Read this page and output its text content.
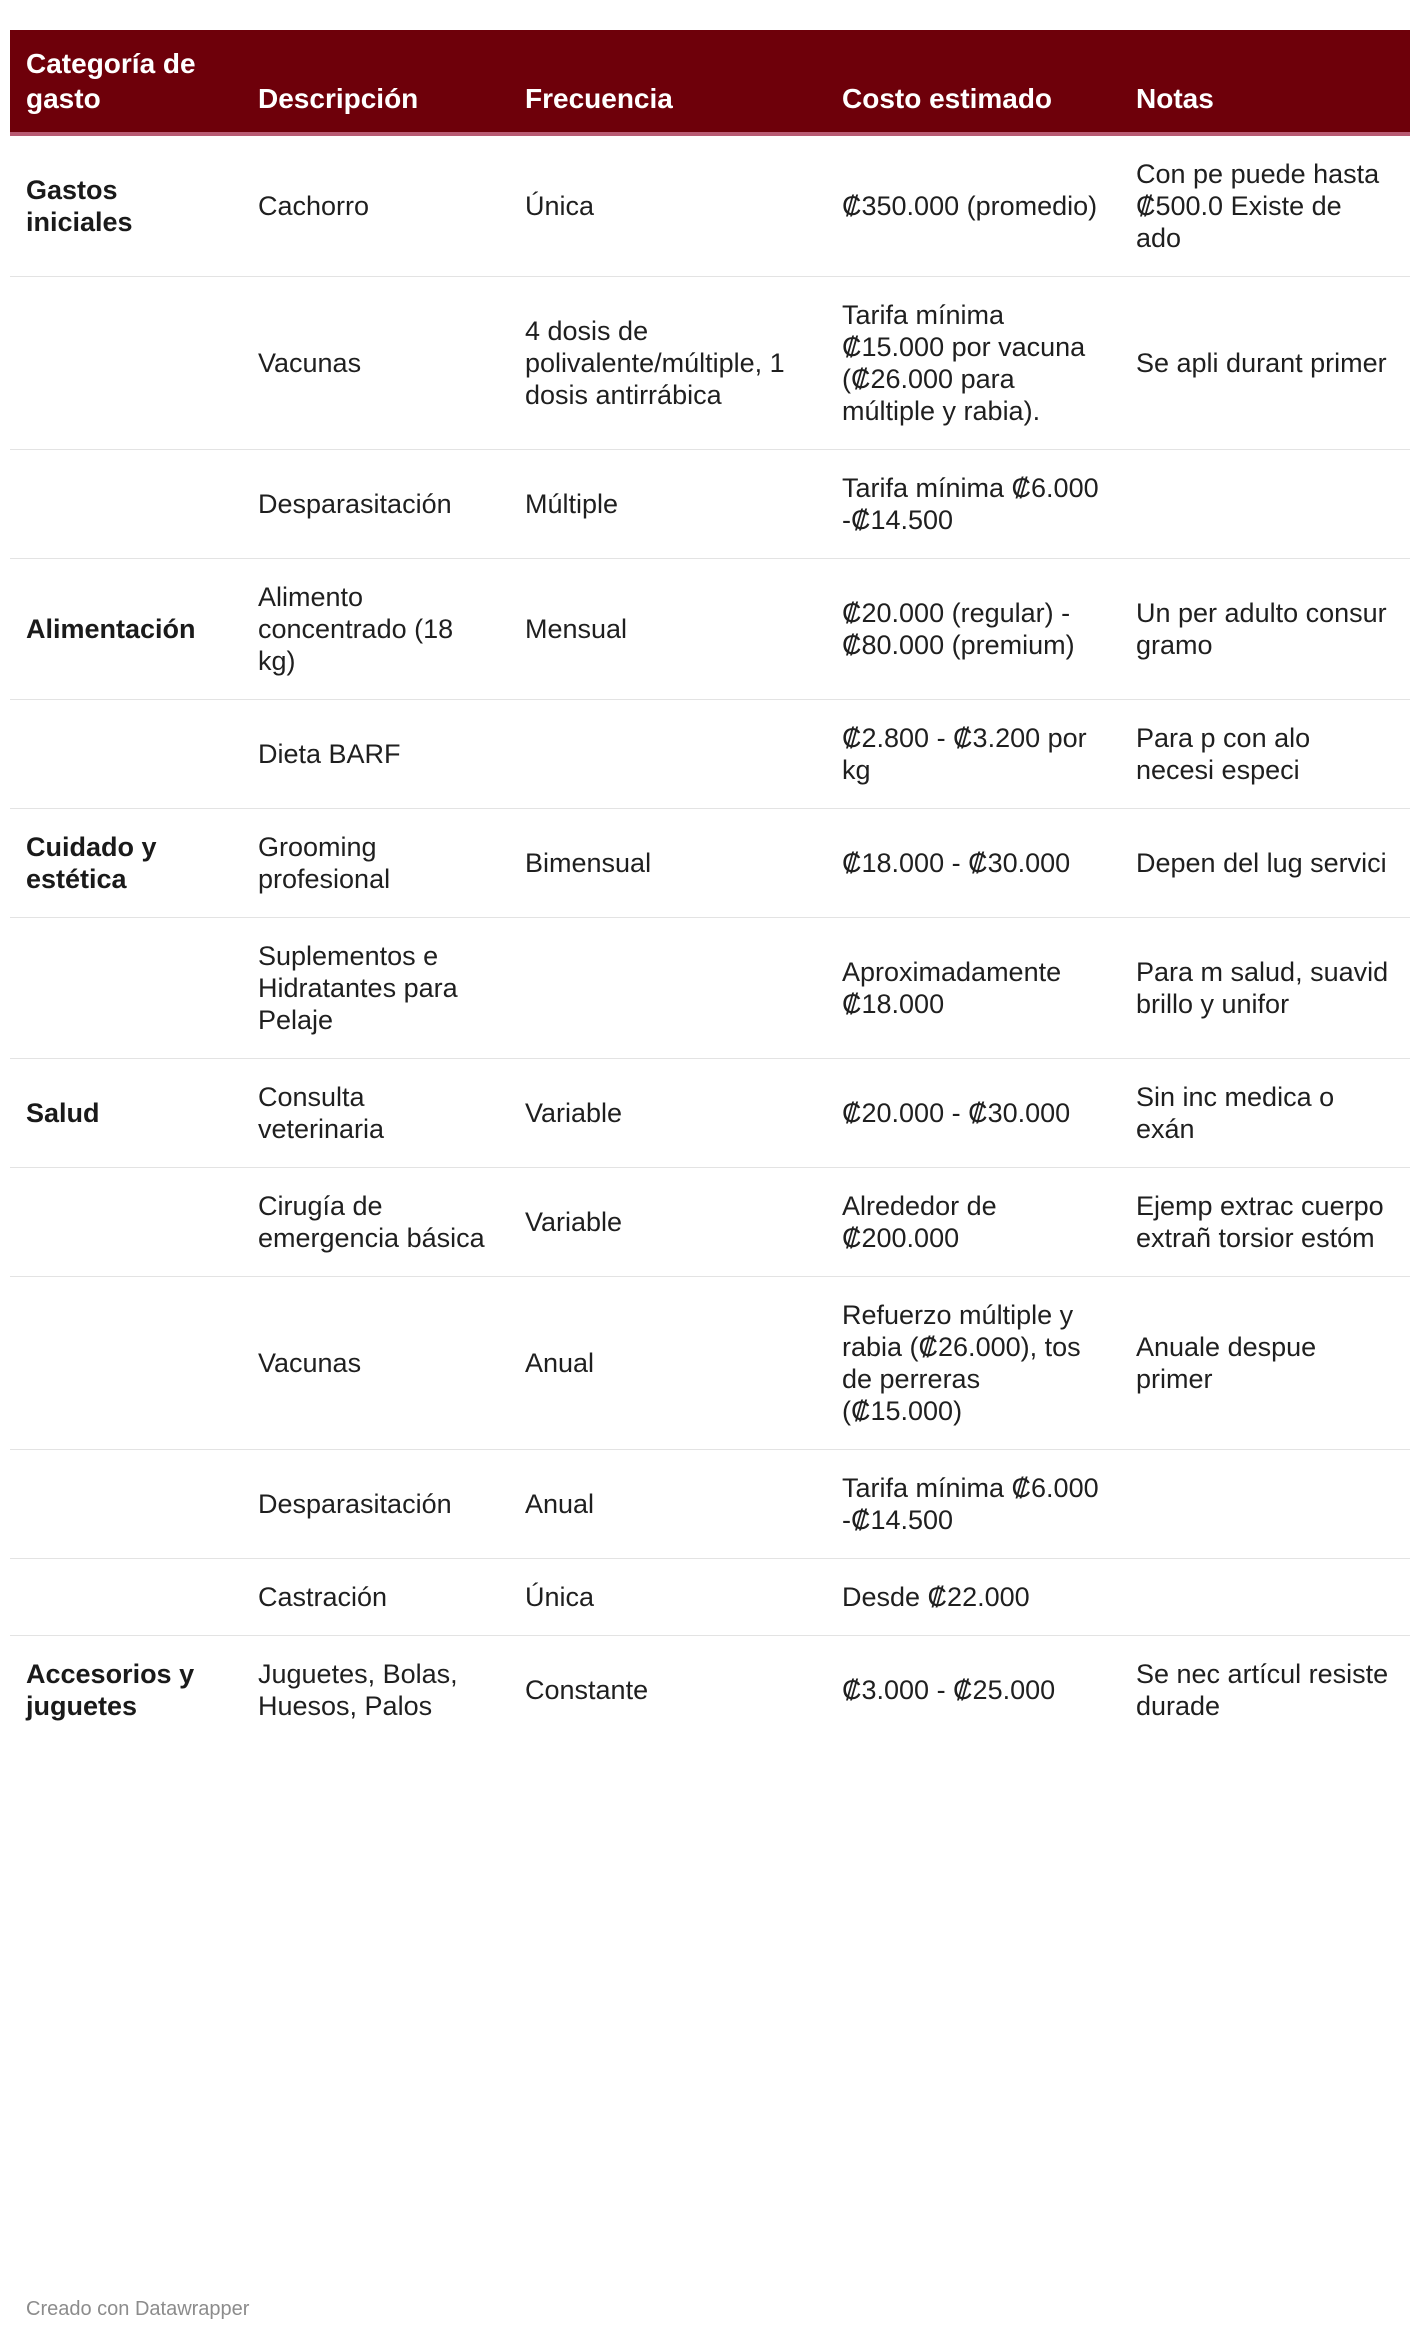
Categoría de gasto	Descripción	Frecuencia	Costo estimado	Notas
Gastos iniciales	Cachorro	Única	₡350.000 (promedio)	Con pe puede hasta ₡500.0 Existe de ado
	Vacunas	4 dosis de polivalente/múltiple, 1 dosis antirrábica	Tarifa mínima ₡15.000 por vacuna (₡26.000 para múltiple y rabia).	Se apli durant primer
	Desparasitación	Múltiple	Tarifa mínima ₡6.000 -₡14.500	
Alimentación	Alimento concentrado (18 kg)	Mensual	₡20.000 (regular) - ₡80.000 (premium)	Un per adulto consur gramo
	Dieta BARF		₡2.800 - ₡3.200 por kg	Para p con alo necesi especi
Cuidado y estética	Grooming profesional	Bimensual	₡18.000 - ₡30.000	Depen del lug servici
	Suplementos e Hidratantes para Pelaje		Aproximadamente ₡18.000	Para m salud, suavid brillo y unifor
Salud	Consulta veterinaria	Variable	₡20.000 - ₡30.000	Sin inc medica o exán
	Cirugía de emergencia básica	Variable	Alrededor de ₡200.000	Ejemp extrac cuerpo extrañ torsior estóm
	Vacunas	Anual	Refuerzo múltiple y rabia (₡26.000), tos de perreras (₡15.000)	Anuale despue primer
	Desparasitación	Anual	Tarifa mínima ₡6.000 -₡14.500	
	Castración	Única	Desde ₡22.000	
Accesorios y juguetes	Juguetes, Bolas, Huesos, Palos	Constante	₡3.000 - ₡25.000	Se nec artícul resiste durade
Creado con Datawrapper
